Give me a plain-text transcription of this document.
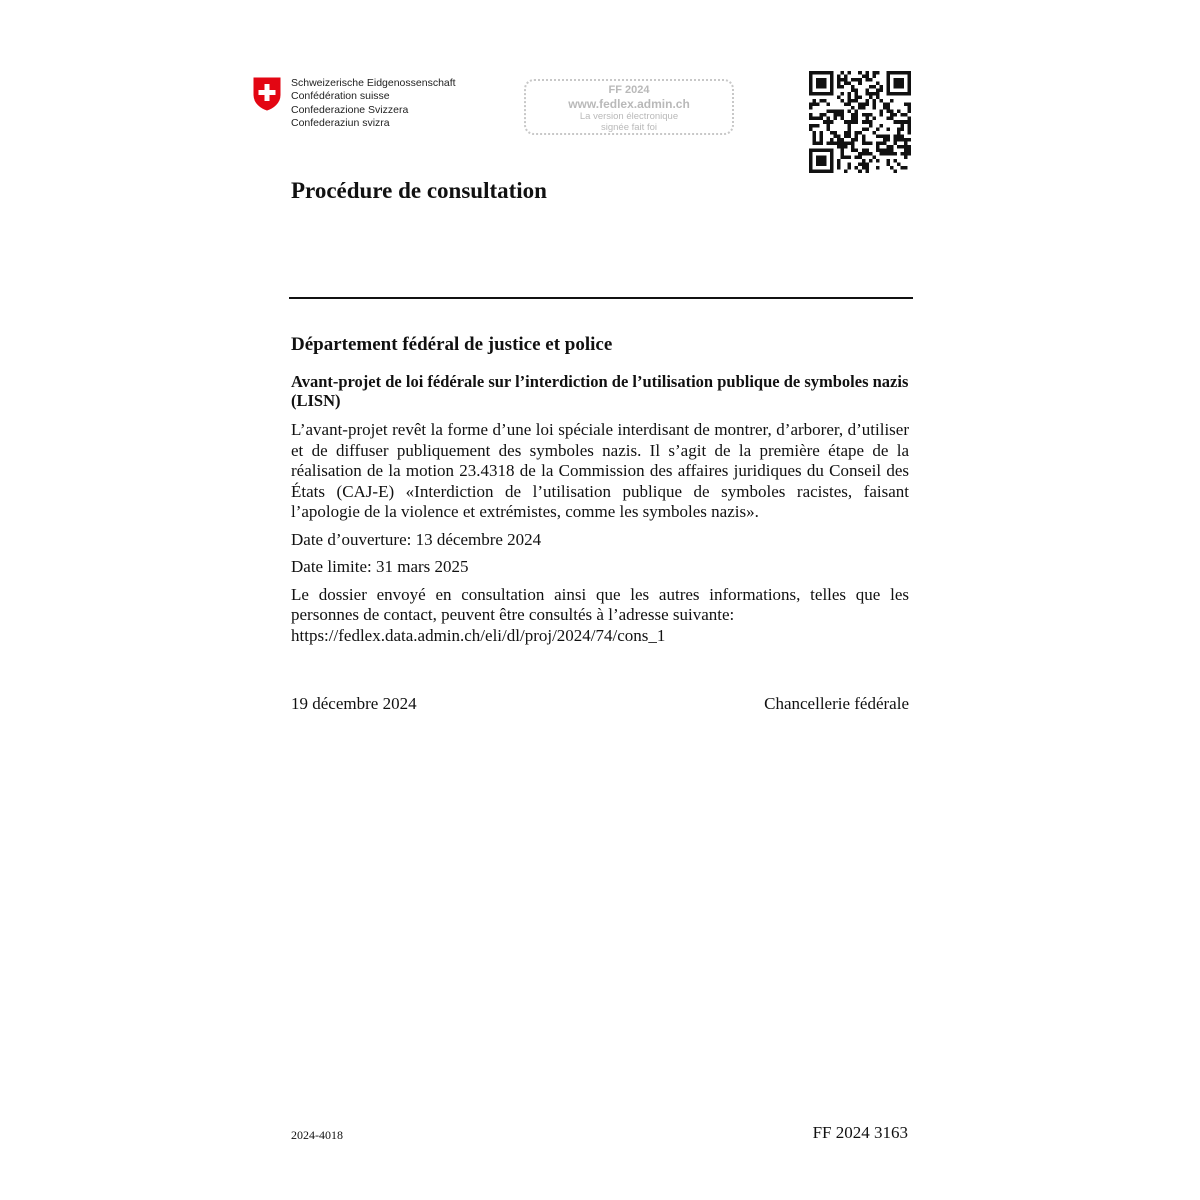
Schweizerische Eidgenossenschaft
Confédération suisse
Confederazione Svizzera
Confederaziun svizra
FF 2024
www.fedlex.admin.ch
La version électronique
signée fait foi
Procédure de consultation
Département fédéral de justice et police
Avant-projet de loi fédérale sur l’interdiction de l’utilisation publique de symboles nazis (LISN)

L’avant-projet revêt la forme d’une loi spéciale interdisant de montrer, d’arborer, d’utiliser et de diffuser publiquement des symboles nazis. Il s’agit de la première étape de la réalisation de la motion 23.4318 de la Commission des affaires juridiques du Conseil des États (CAJ-E) «Interdiction de l’utilisation publique de symboles racistes, faisant l’apologie de la violence et extrémistes, comme les symboles nazis».

Date d’ouverture: 13 décembre 2024

Date limite: 31 mars 2025

Le dossier envoyé en consultation ainsi que les autres informations, telles que les personnes de contact, peuvent être consultés à l’adresse suivante:

https://fedlex.data.admin.ch/eli/dl/proj/2024/74/cons_1
19 décembre 2024	Chancellerie fédérale
2024-4018	FF 2024 3163
